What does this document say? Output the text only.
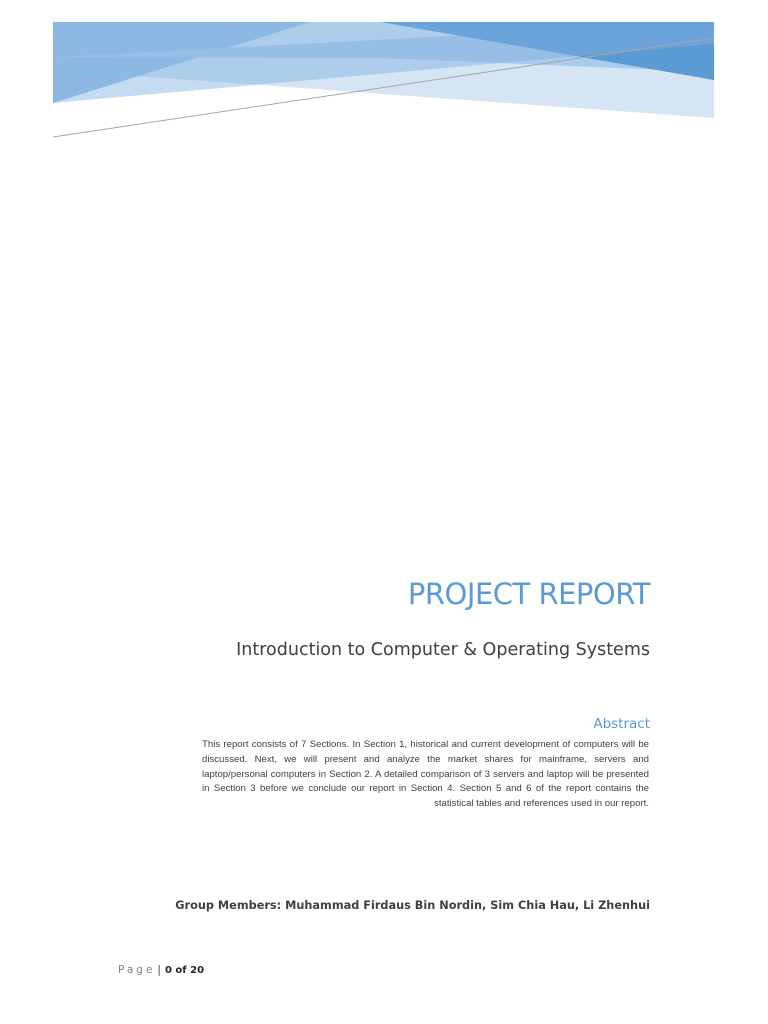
PROJECT REPORT
Introduction to Computer & Operating Systems
Abstract
This report consists of 7 Sections. In Section 1, historical and current development of computers will be discussed. Next, we will present and analyze the market shares for mainframe, servers and laptop/personal computers in Section 2. A detailed comparison of 3 servers and laptop will be presented in Section 3 before we conclude our report in Section 4. Section 5 and 6 of the report contains the statistical tables and references used in our report.
Group Members: Muhammad Firdaus Bin Nordin, Sim Chia Hau, Li Zhenhui
Page | 0 of 20
